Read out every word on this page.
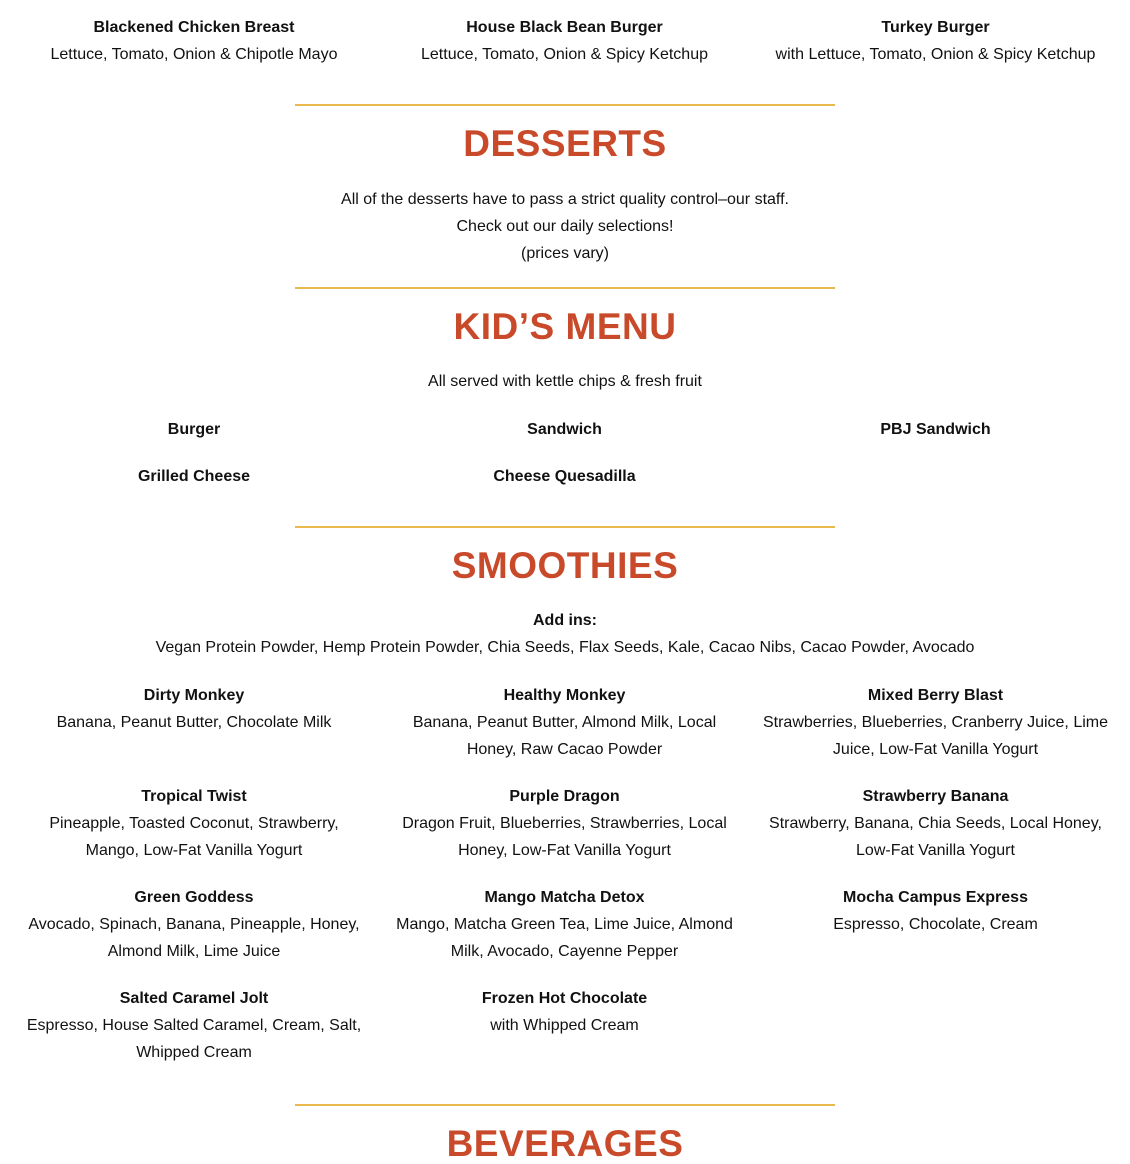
Blackened Chicken Breast
Lettuce, Tomato, Onion & Chipotle Mayo
House Black Bean Burger
Lettuce, Tomato, Onion & Spicy Ketchup
Turkey Burger
with Lettuce, Tomato, Onion & Spicy Ketchup
DESSERTS
All of the desserts have to pass a strict quality control–our staff.
Check out our daily selections!
(prices vary)
KID’S MENU
All served with kettle chips & fresh fruit
Burger	Sandwich	PBJ Sandwich
Grilled Cheese	Cheese Quesadilla
SMOOTHIES
Add ins:
Vegan Protein Powder, Hemp Protein Powder, Chia Seeds, Flax Seeds, Kale, Cacao Nibs, Cacao Powder, Avocado
Dirty Monkey
Banana, Peanut Butter, Chocolate Milk
Healthy Monkey
Banana, Peanut Butter, Almond Milk, Local Honey, Raw Cacao Powder
Mixed Berry Blast
Strawberries, Blueberries, Cranberry Juice, Lime Juice, Low-Fat Vanilla Yogurt
Tropical Twist
Pineapple, Toasted Coconut, Strawberry, Mango, Low-Fat Vanilla Yogurt
Purple Dragon
Dragon Fruit, Blueberries, Strawberries, Local Honey, Low-Fat Vanilla Yogurt
Strawberry Banana
Strawberry, Banana, Chia Seeds, Local Honey, Low-Fat Vanilla Yogurt
Green Goddess
Avocado, Spinach, Banana, Pineapple, Honey, Almond Milk, Lime Juice
Mango Matcha Detox
Mango, Matcha Green Tea, Lime Juice, Almond Milk, Avocado, Cayenne Pepper
Mocha Campus Express
Espresso, Chocolate, Cream
Salted Caramel Jolt
Espresso, House Salted Caramel, Cream, Salt, Whipped Cream
Frozen Hot Chocolate
with Whipped Cream
BEVERAGES
